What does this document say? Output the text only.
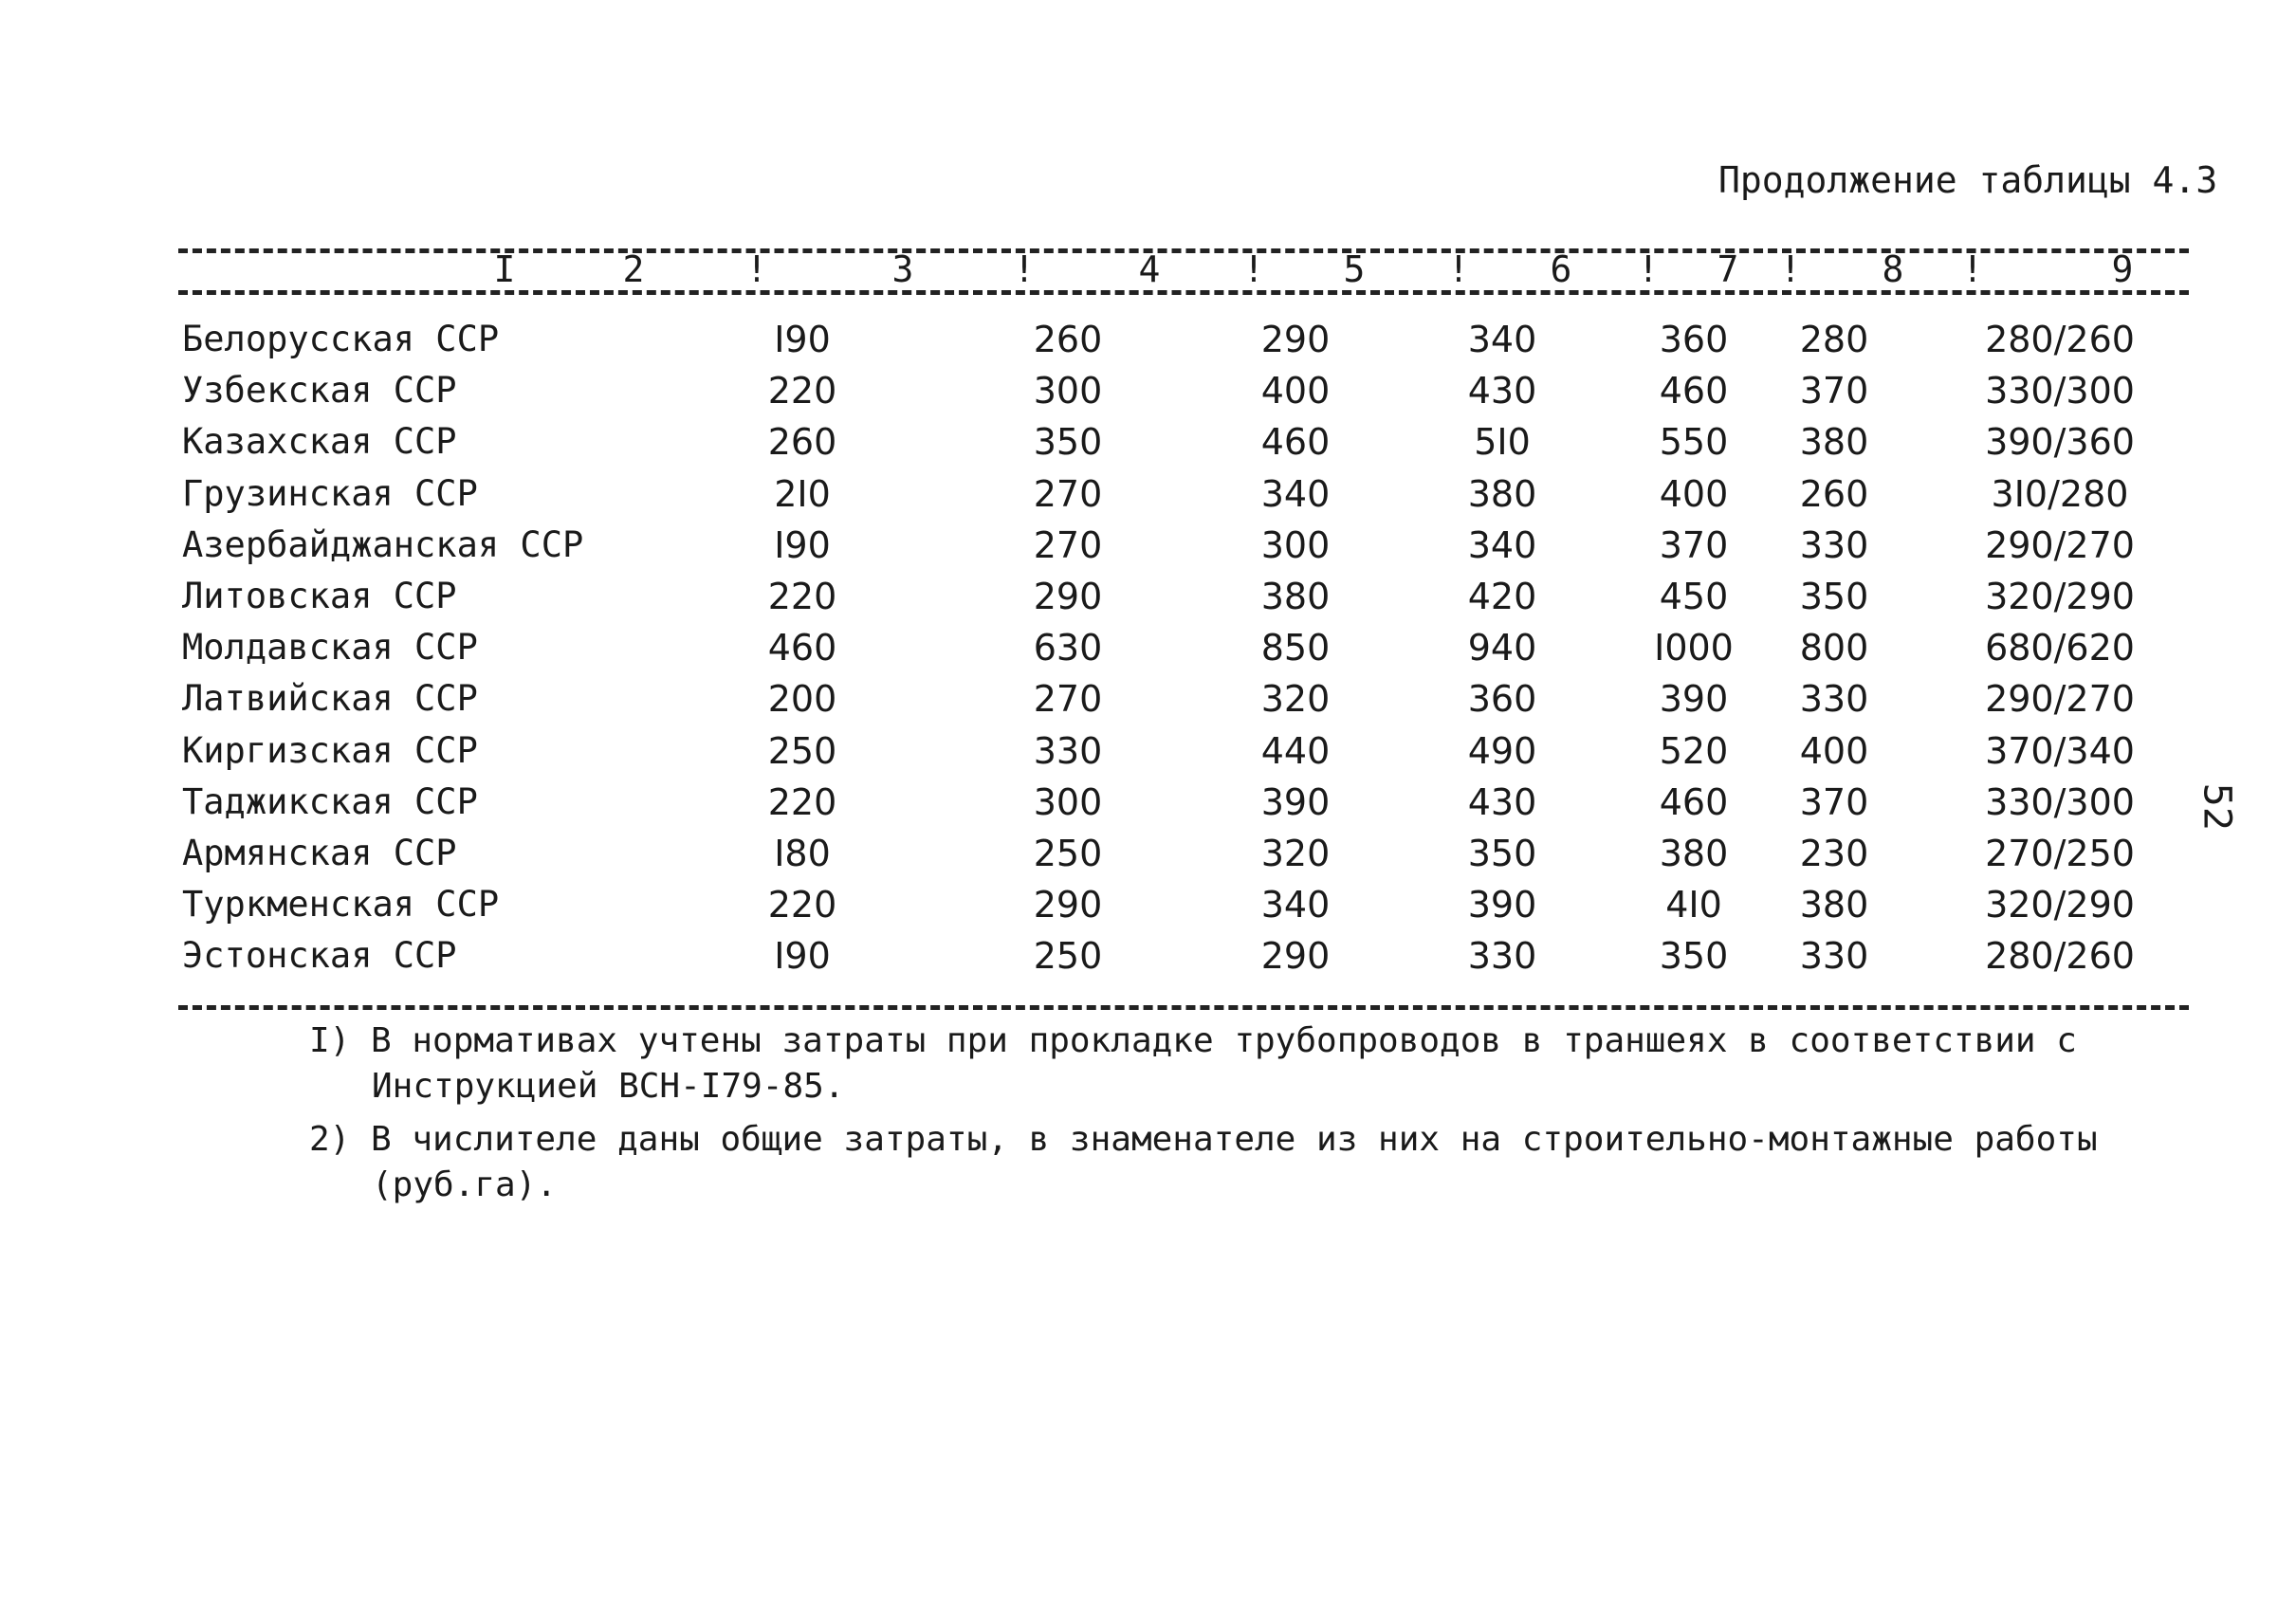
Продолжение таблицы 4.3
I	2	!	3	!	4 ! 5 ! 6 ! 7 ! 8 !	9
Белорусская ССР	I90	260	290	340	360 280	280/260
Узбекская ССР	220	300	400	430	460 370	330/300
Казахская ССР	260	350	460	5I0	550 380	390/360
Грузинская ССР	2I0	270	340	380	400 260	3I0/280
Азербайджанская ССР	I90	270	300	340	370 330	290/270
Литовская ССР	220	290	380	420	450 350	320/290
Молдавская ССР	460	630	850	940	I000 800	680/620
Латвийская ССР	200	270	320	360	390 330	290/270
Киргизская ССР	250	330	440	490	520 400	370/340
Таджикская ССР	220	300	390	430	460 370	330/300
Армянская ССР	I80	250	320	350	380 230	270/250
Туркменская ССР	220	290	340	390	4I0 380	320/290
Эстонская ССР	I90	250	290	330	350 330	280/260
I) В нормативах учтены затраты при прокладке трубопроводов в траншеях в соответствии с
Инструкцией ВСН-I79-85.
2) В числителе даны общие затраты, в знаменателе из них на строительно-монтажные работы
(руб.га).
52
